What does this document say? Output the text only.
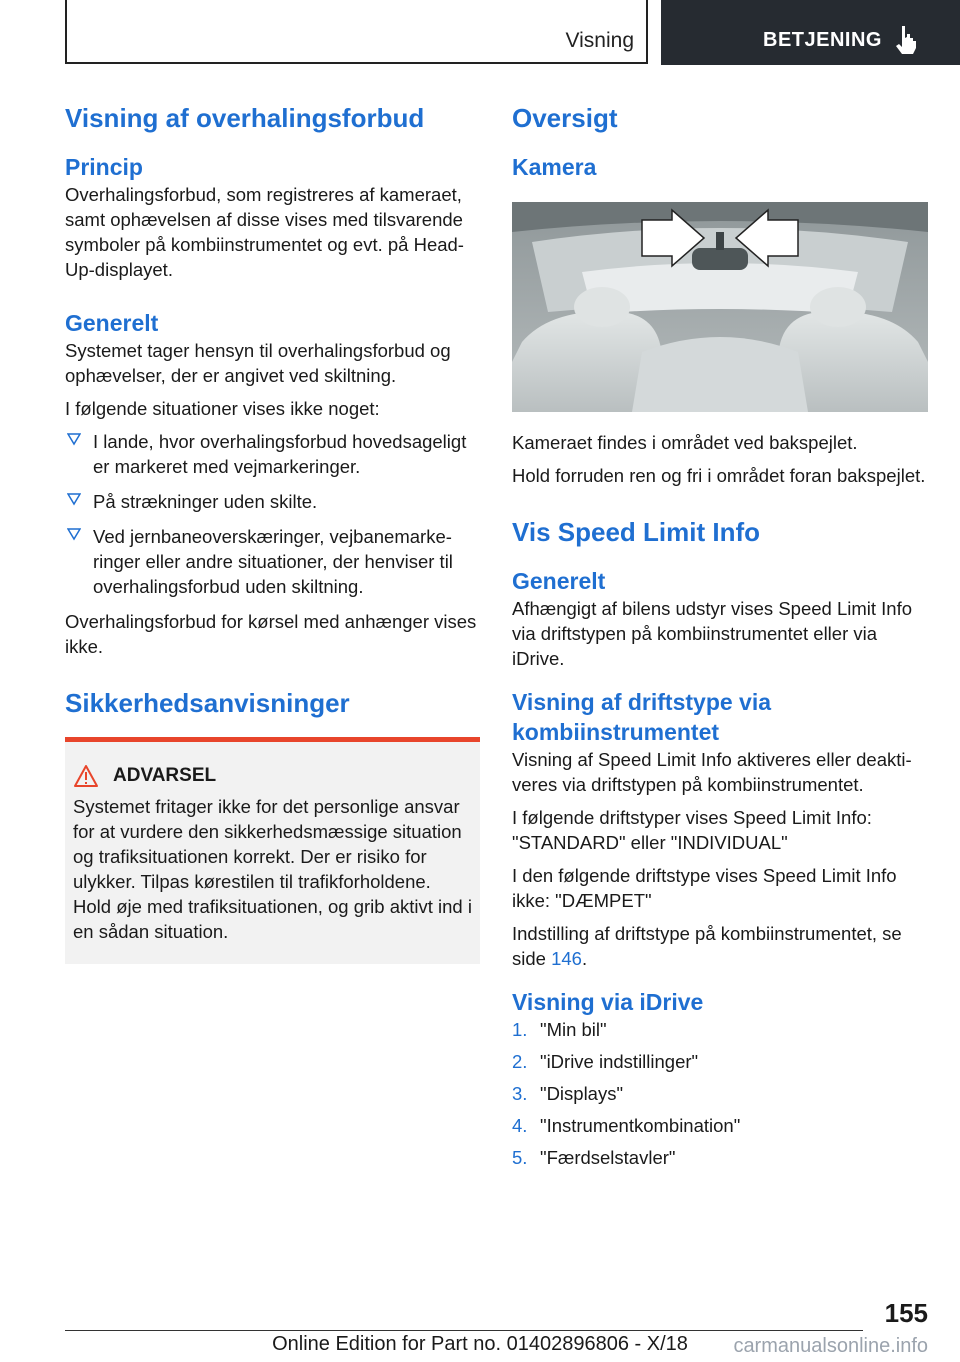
Visning	BETJENING
Visning af overhalingsforbud
Princip

Overhalingsforbud, som registreres af kameraet, samt ophævelsen af disse vises med tilsvarende symboler på kombiinstrumentet og evt. på Head-Up-displayet.

Generelt

Systemet tager hensyn til overhalingsforbud og ophævelser, der er angivet ved skiltning.

I følgende situationer vises ikke noget:

I lande, hvor overhalingsforbud hovedsageligt er markeret med vejmarkeringer.
På strækninger uden skilte.
Ved jernbaneoverskæringer, vejbanemarkeringer eller andre situationer, der henviser til overhalingsforbud uden skiltning.

Overhalingsforbud for kørsel med anhænger vises ikke.

Sikkerhedsanvisninger
ADVARSEL

Systemet fritager ikke for det personlige ansvar for at vurdere den sikkerhedsmæssige situation og trafiksituationen korrekt. Der er risiko for ulykker. Tilpas kørestilen til trafikforholdene. Hold øje med trafiksituationen, og grib aktivt ind i en sådan situation.

Oversigt
Kamera

Kameraet findes i området ved bakspejlet.

Hold forruden ren og fri i området foran bakspejlet.

Vis Speed Limit Info
Generelt

Afhængigt af bilens udstyr vises Speed Limit Info via driftstypen på kombiinstrumentet eller via iDrive.

Visning af driftstype via kombiinstrumentet

Visning af Speed Limit Info aktiveres eller deaktiveres via driftstypen på kombiinstrumentet.

I følgende driftstyper vises Speed Limit Info:
"STANDARD" eller "INDIVIDUAL"

I den følgende driftstype vises Speed Limit Info
ikke: "DÆMPET"

Indstilling af driftstype på kombiinstrumentet, se side 146.

Visning via iDrive
1. "Min bil"
2. "iDrive indstillinger"
3. "Displays"
4. "Instrumentkombination"
5. "Færdselstavler"
155
Online Edition for Part no. 01402896806 - X/18	carmanualsonline.info
